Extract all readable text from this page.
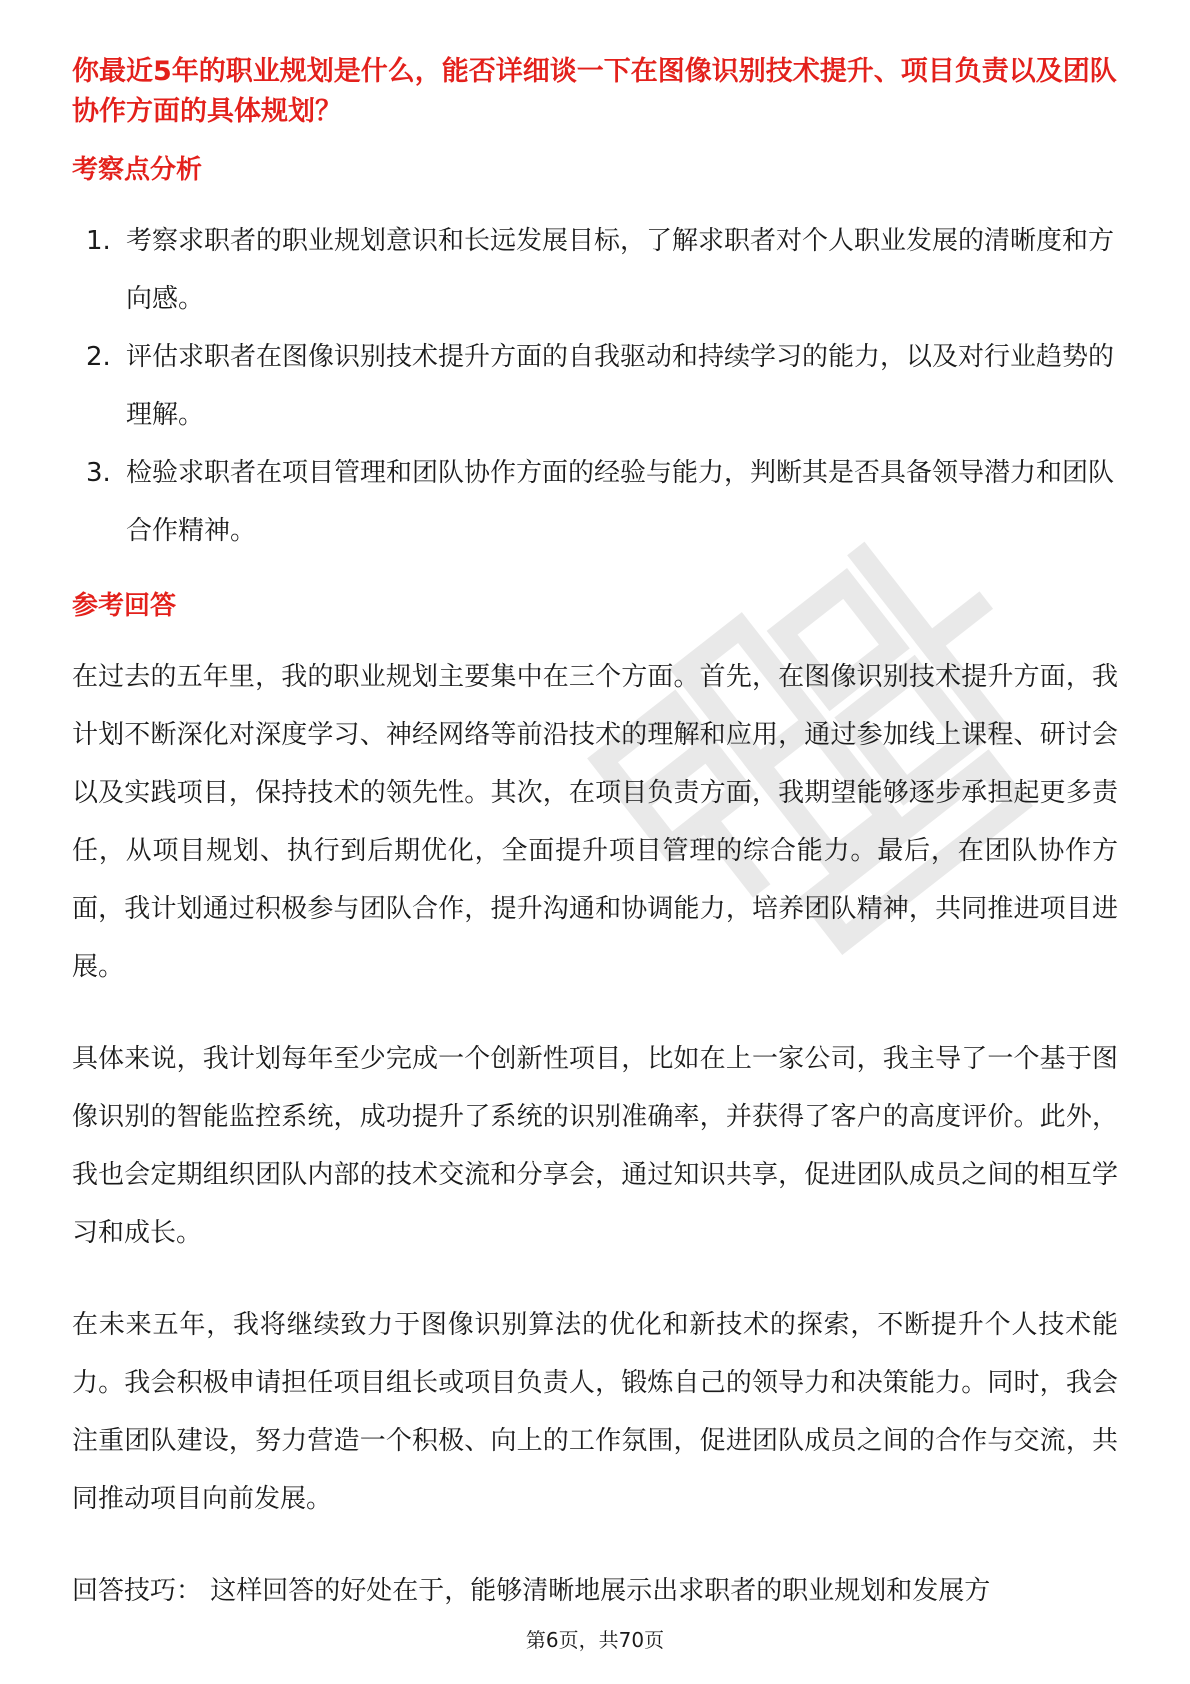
你最近5年的职业规划是什么，能否详细谈一下在图像识别技术提升、项目负责以及团队协作方面的具体规划？

考察点分析

1. 考察求职者的职业规划意识和长远发展目标，了解求职者对个人职业发展的清晰度和方向感。
2. 评估求职者在图像识别技术提升方面的自我驱动和持续学习的能力，以及对行业趋势的理解。
3. 检验求职者在项目管理和团队协作方面的经验与能力，判断其是否具备领导潜力和团队合作精神。

参考回答

在过去的五年里，我的职业规划主要集中在三个方面。首先，在图像识别技术提升方面，我计划不断深化对深度学习、神经网络等前沿技术的理解和应用，通过参加线上课程、研讨会以及实践项目，保持技术的领先性。其次，在项目负责方面，我期望能够逐步承担起更多责任，从项目规划、执行到后期优化，全面提升项目管理的综合能力。最后，在团队协作方面，我计划通过积极参与团队合作，提升沟通和协调能力，培养团队精神，共同推进项目进展。

具体来说，我计划每年至少完成一个创新性项目，比如在上一家公司，我主导了一个基于图像识别的智能监控系统，成功提升了系统的识别准确率，并获得了客户的高度评价。此外，我也会定期组织团队内部的技术交流和分享会，通过知识共享，促进团队成员之间的相互学习和成长。

在未来五年，我将继续致力于图像识别算法的优化和新技术的探索，不断提升个人技术能力。我会积极申请担任项目组长或项目负责人，锻炼自己的领导力和决策能力。同时，我会注重团队建设，努力营造一个积极、向上的工作氛围，促进团队成员之间的合作与交流，共同推动项目向前发展。

回答技巧： 这样回答的好处在于，能够清晰地展示出求职者的职业规划和发展方

第6页，共70页
